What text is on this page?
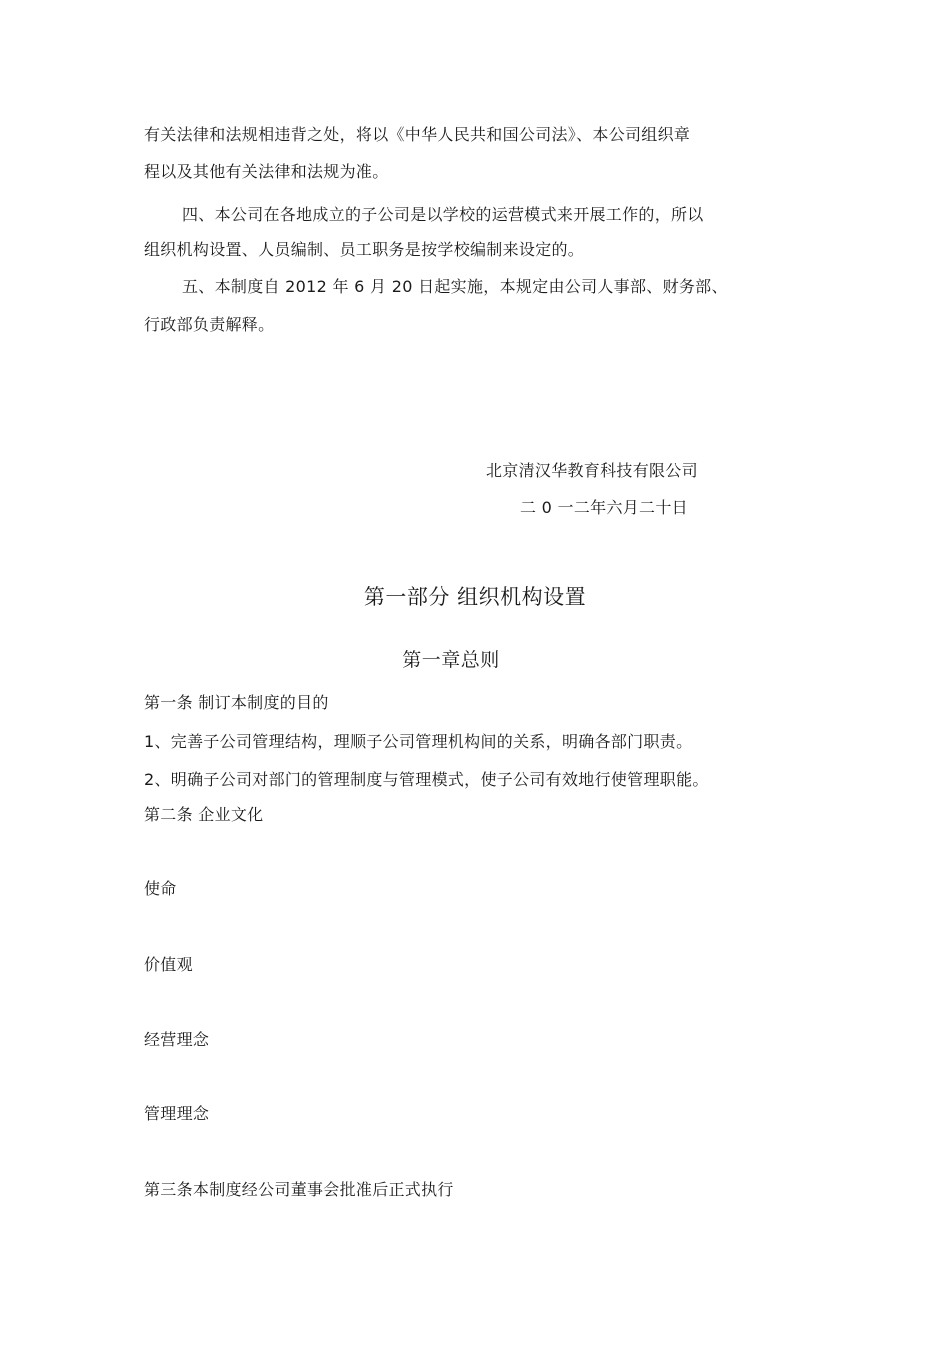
有关法律和法规相违背之处，将以《中华人民共和国公司法》、本公司组织章
程以及其他有关法律和法规为准。
四、本公司在各地成立的子公司是以学校的运营模式来开展工作的，所以
组织机构设置、人员编制、员工职务是按学校编制来设定的。
五、本制度自 2012 年 6 月 20 日起实施，本规定由公司人事部、财务部、
行政部负责解释。
北京清汉华教育科技有限公司
二 0 一二年六月二十日
第一部分 组织机构设置
第一章总则
第一条 制订本制度的目的
1、完善子公司管理结构，理顺子公司管理机构间的关系，明确各部门职责。
2、明确子公司对部门的管理制度与管理模式，使子公司有效地行使管理职能。
第二条 企业文化
使命
价值观
经营理念
管理理念
第三条本制度经公司董事会批准后正式执行
